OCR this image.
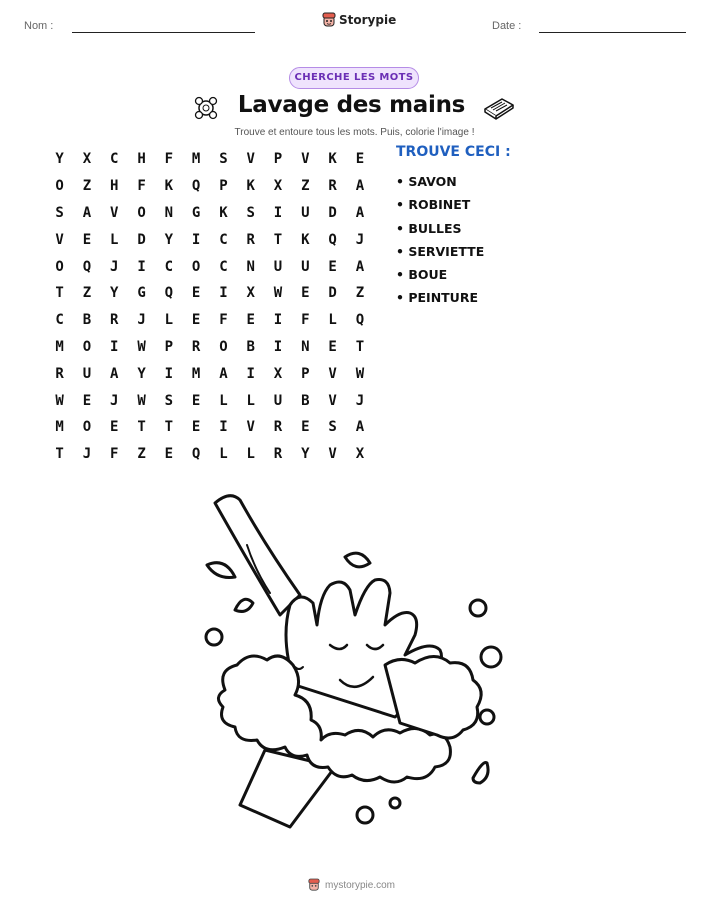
Nom :	Storypie	Date :
CHERCHE LES MOTS
Lavage des mains
Trouve et entoure tous les mots. Puis, colorie l'image !
Y	X	C	H	F	M	S	V	P	V	K	E
O	Z	H	F	K	Q	P	K	X	Z	R	A
S	A	V	O	N	G	K	S	I	U	D	A
V	E	L	D	Y	I	C	R	T	K	Q	J
O	Q	J	I	C	O	C	N	U	U	E	A
T	Z	Y	G	Q	E	I	X	W	E	D	Z
C	B	R	J	L	E	F	E	I	F	L	Q
M	O	I	W	P	R	O	B	I	N	E	T
R	U	A	Y	I	M	A	I	X	P	V	W
W	E	J	W	S	E	L	L	U	B	V	J
M	O	E	T	T	E	I	V	R	E	S	A
T	J	F	Z	E	Q	L	L	R	Y	V	X
TROUVE CECI :
• SAVON
• ROBINET
• BULLES
• SERVIETTE
• BOUE
• PEINTURE
mystorypie.com
